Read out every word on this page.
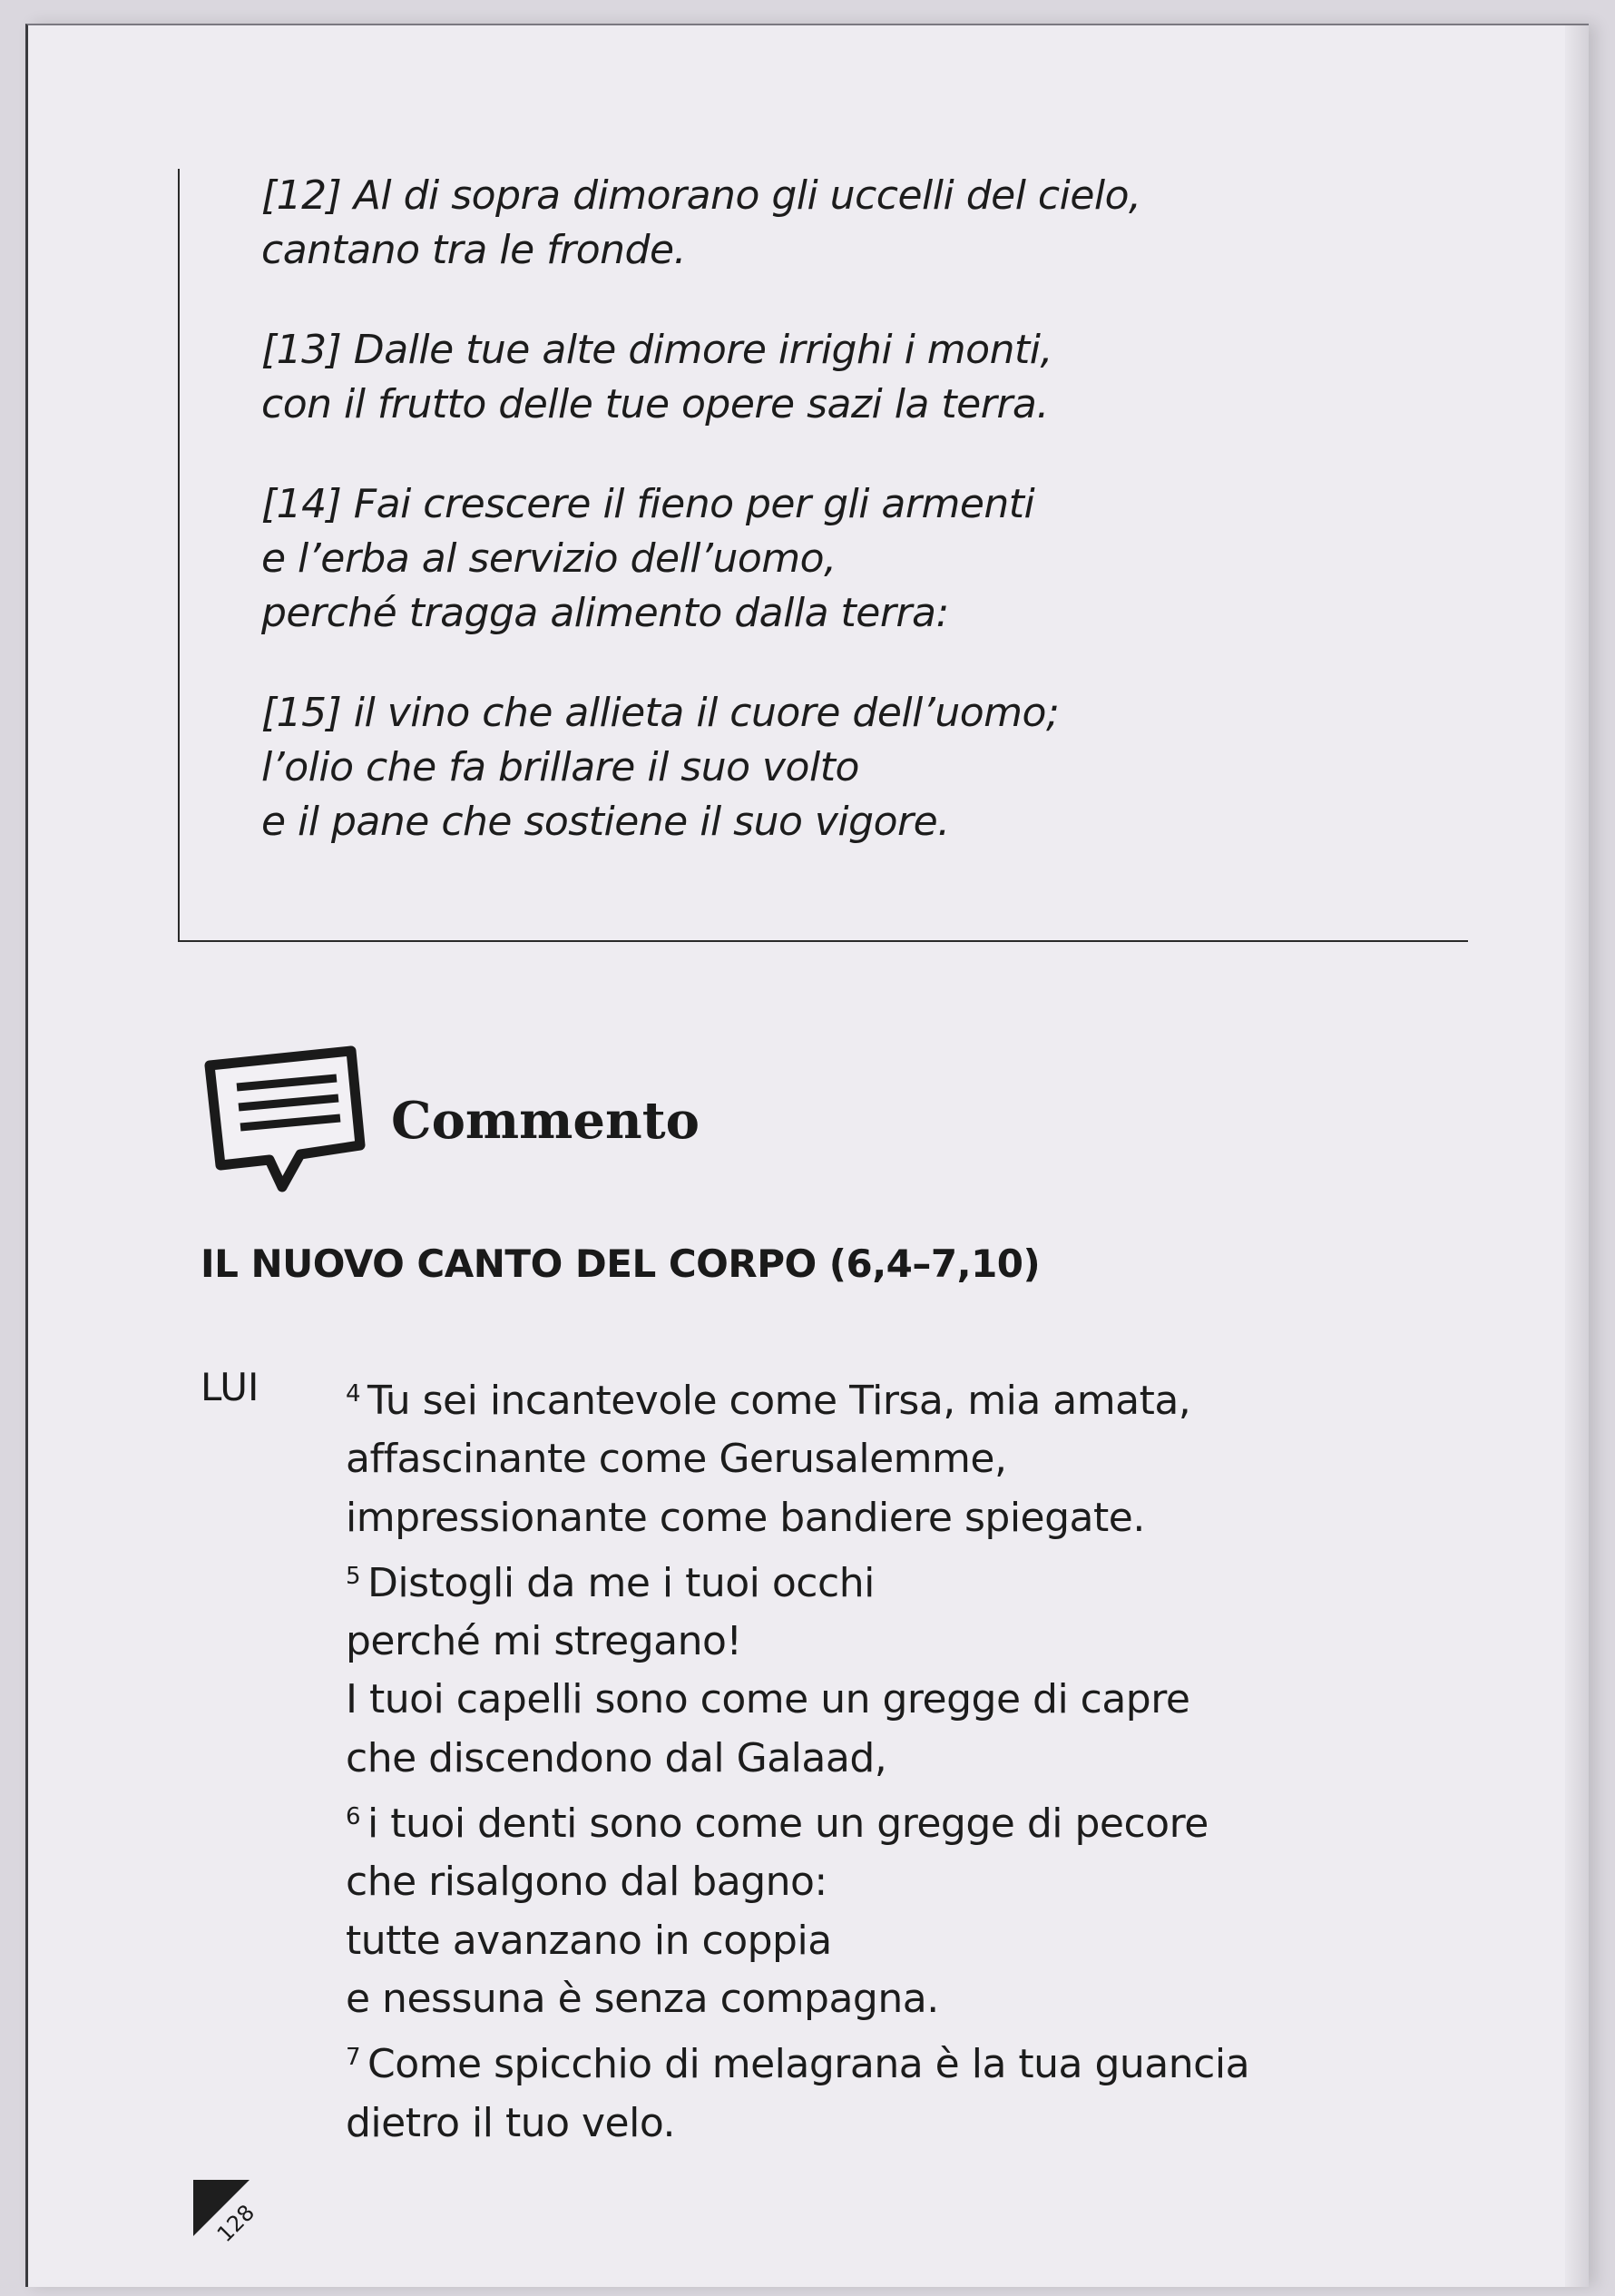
[12] Al di sopra dimorano gli uccelli del cielo,
cantano tra le fronde.
[13] Dalle tue alte dimore irrighi i monti,
con il frutto delle tue opere sazi la terra.
[14] Fai crescere il fieno per gli armenti
e l’erba al servizio dell’uomo,
perché tragga alimento dalla terra:
[15] il vino che allieta il cuore dell’uomo;
l’olio che fa brillare il suo volto
e il pane che sostiene il suo vigore.
Commento
IL NUOVO CANTO DEL CORPO (6,4–7,10)
LUI	$^4$ Tu sei incantevole come Tirsa, mia amata,
affascinante come Gerusalemme,
impressionante come bandiere spiegate.
$^5$ Distogli da me i tuoi occhi
perché mi stregano!
I tuoi capelli sono come un gregge di capre
che discendono dal Galaad,
$^6$ i tuoi denti sono come un gregge di pecore
che risalgono dal bagno:
tutte avanzano in coppia
e nessuna è senza compagna.
$^7$ Come spicchio di melagrana è la tua guancia
dietro il tuo velo.
128
